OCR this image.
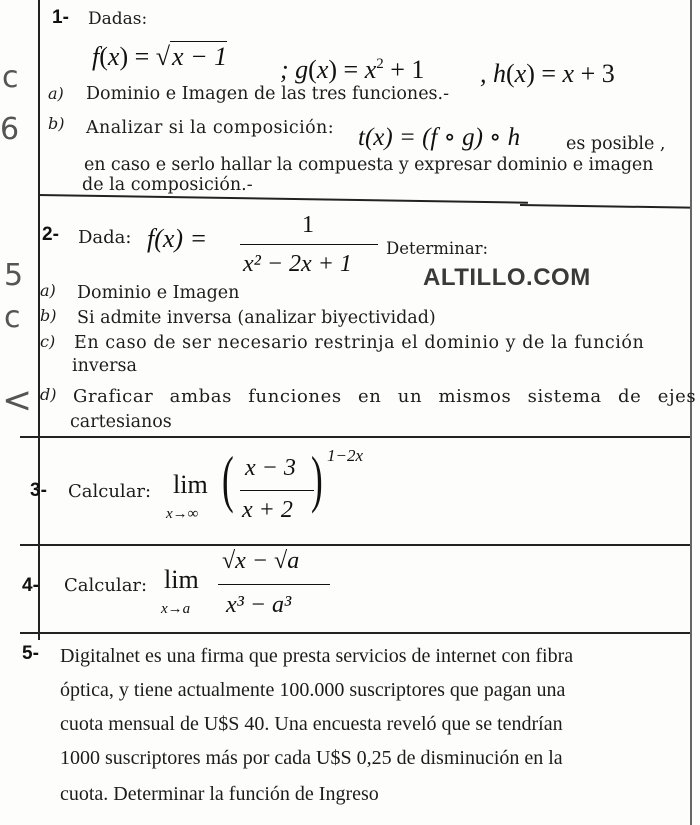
c
6
5
c
<
1- Dadas:
f(x) = √x − 1 ; $g(x) = x^2 + 1$ , h(x) = x + 3
a) Dominio e Imagen de las tres funciones.-
b) Analizar si la composición: t(x) = (f ∘ g) ∘ h	es posible ,
en caso e serlo hallar la compuesta y expresar dominio e imagen
de la composición.-
2- Dada: f(x) =	1
x² − 2x + 1
Determinar:
ALTILLO.COM
a) Dominio e Imagen
b) Si admite inversa (analizar biyectividad)
c) En caso de ser necesario restrinja el dominio y de la función
inversa
d) Graficar ambas funciones en un mismos sistema de ejes
cartesianos
3- Calcular: lim
x→∞ ( x − 3
x + 2 ) 1−2x
4- Calcular: lim
x→a
√x − √a
x³ − a³
5- Digitalnet es una firma que presta servicios de internet con fibra
óptica, y tiene actualmente 100.000 suscriptores que pagan una
cuota mensual de U$S 40. Una encuesta reveló que se tendrían
1000 suscriptores más por cada U$S 0,25 de disminución en la
cuota. Determinar la función de Ingreso
